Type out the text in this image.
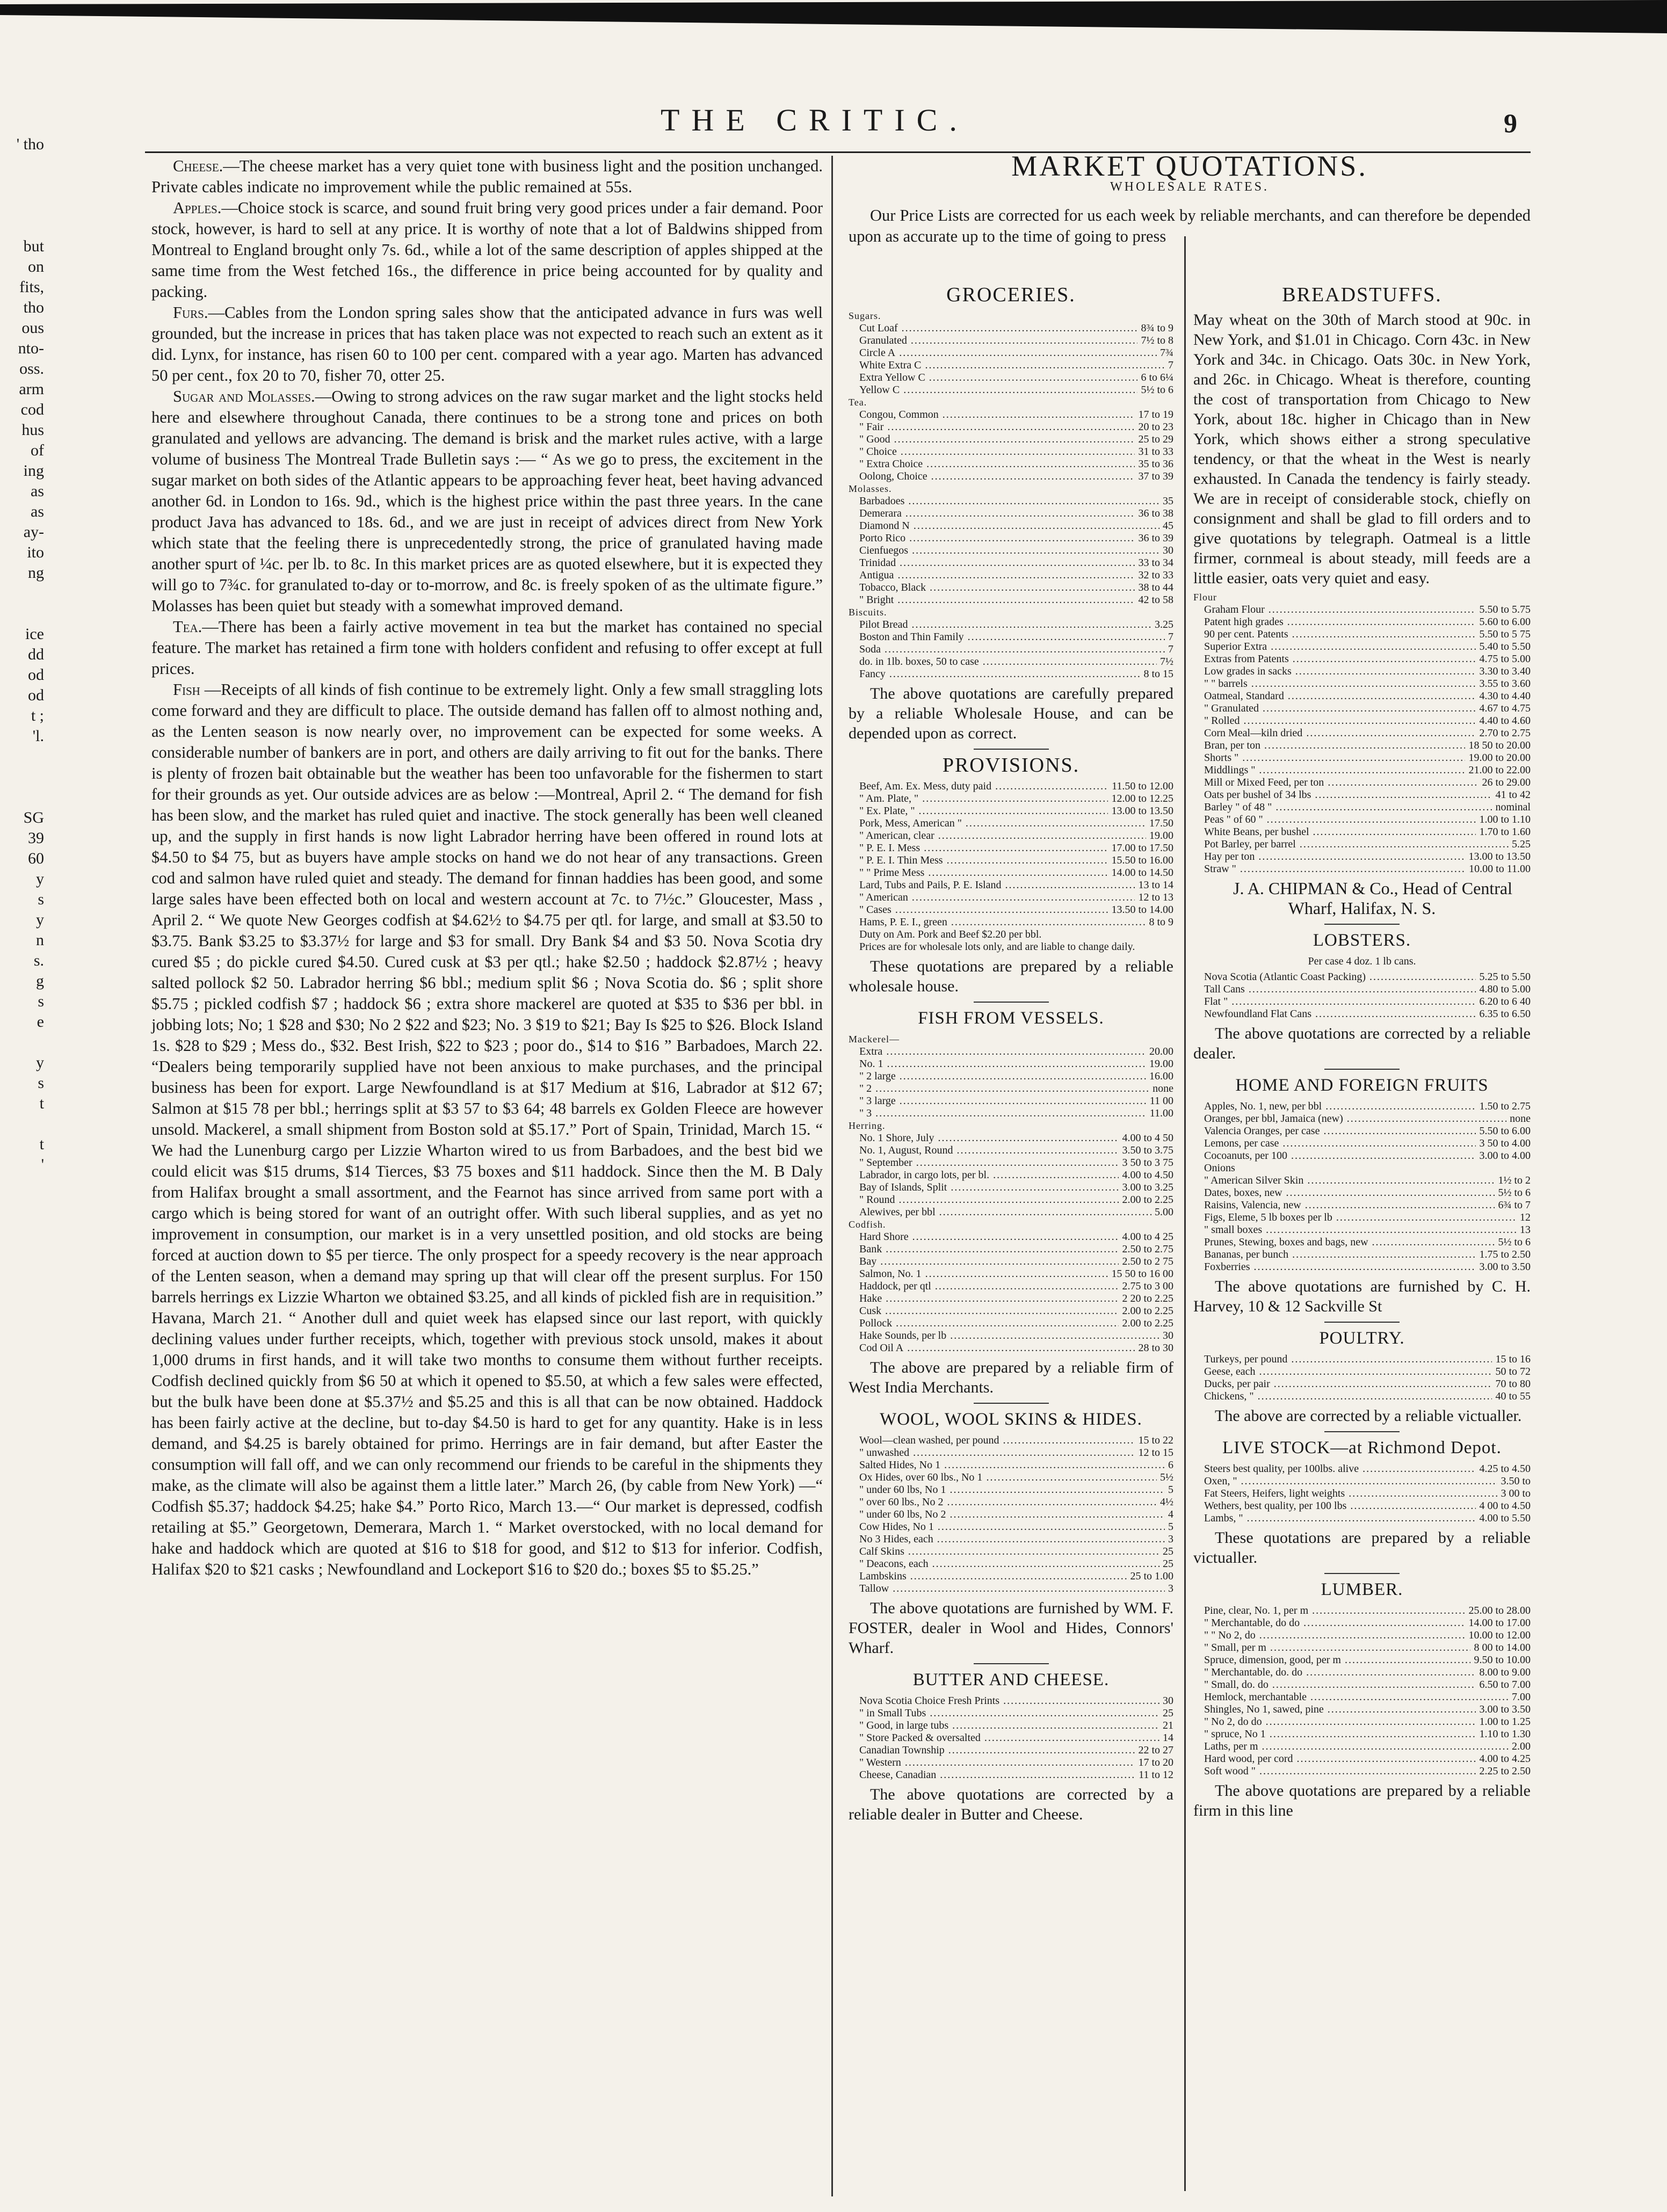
THE CRITIC.	9
' tho
but
on
fits,
tho
ous
nto-
oss.
arm
cod
hus
of
ing
as
as
ay-
ito
ng
ice
dd
od
od
t ;
'l.
SG
39
60
y
s
y
n
s.
g
s
e
y
s
t
t
'

Cheese.—The cheese market has a very quiet tone with business light and the position unchanged. Private cables indicate no improvement while the public remained at 55s.

Apples.—Choice stock is scarce, and sound fruit bring very good prices under a fair demand. Poor stock, however, is hard to sell at any price. It is worthy of note that a lot of Baldwins shipped from Montreal to England brought only 7s. 6d., while a lot of the same description of apples shipped at the same time from the West fetched 16s., the difference in price being accounted for by quality and packing.

Furs.—Cables from the London spring sales show that the anticipated advance in furs was well grounded, but the increase in prices that has taken place was not expected to reach such an extent as it did. Lynx, for instance, has risen 60 to 100 per cent. compared with a year ago. Marten has advanced 50 per cent., fox 20 to 70, fisher 70, otter 25.

Sugar and Molasses.—Owing to strong advices on the raw sugar market and the light stocks held here and elsewhere throughout Canada, there continues to be a strong tone and prices on both granulated and yellows are advancing. The demand is brisk and the market rules active, with a large volume of business The Montreal Trade Bulletin says :— “ As we go to press, the excitement in the sugar market on both sides of the Atlantic appears to be approaching fever heat, beet having advanced another 6d. in London to 16s. 9d., which is the highest price within the past three years. In the cane product Java has advanced to 18s. 6d., and we are just in receipt of advices direct from New York which state that the feeling there is unprecedentedly strong, the price of granulated having made another spurt of ¼c. per lb. to 8c. In this market prices are as quoted elsewhere, but it is expected they will go to 7¾c. for granulated to-day or to-morrow, and 8c. is freely spoken of as the ultimate figure.” Molasses has been quiet but steady with a somewhat improved demand.

Tea.—There has been a fairly active movement in tea but the market has contained no special feature. The market has retained a firm tone with holders confident and refusing to offer except at full prices.

Fish —Receipts of all kinds of fish continue to be extremely light. Only a few small straggling lots come forward and they are difficult to place. The outside demand has fallen off to almost nothing and, as the Lenten season is now nearly over, no improvement can be expected for some weeks. A considerable number of bankers are in port, and others are daily arriving to fit out for the banks. There is plenty of frozen bait obtainable but the weather has been too unfavorable for the fishermen to start for their grounds as yet. Our outside advices are as below :—Montreal, April 2. “ The demand for fish has been slow, and the market has ruled quiet and inactive. The stock generally has been well cleaned up, and the supply in first hands is now light Labrador herring have been offered in round lots at $4.50 to $4 75, but as buyers have ample stocks on hand we do not hear of any transactions. Green cod and salmon have ruled quiet and steady. The demand for finnan haddies has been good, and some large sales have been effected both on local and western account at 7c. to 7½c.” Gloucester, Mass , April 2. “ We quote New Georges codfish at $4.62½ to $4.75 per qtl. for large, and small at $3.50 to $3.75. Bank $3.25 to $3.37½ for large and $3 for small. Dry Bank $4 and $3 50. Nova Scotia dry cured $5 ; do pickle cured $4.50. Cured cusk at $3 per qtl.; hake $2.50 ; haddock $2.87½ ; heavy salted pollock $2 50. Labrador herring $6 bbl.; medium split $6 ; Nova Scotia do. $6 ; split shore $5.75 ; pickled codfish $7 ; haddock $6 ; extra shore mackerel are quoted at $35 to $36 per bbl. in jobbing lots; No; 1 $28 and $30; No 2 $22 and $23; No. 3 $19 to $21; Bay Is $25 to $26. Block Island 1s. $28 to $29 ; Mess do., $32. Best Irish, $22 to $23 ; poor do., $14 to $16 ” Barbadoes, March 22. “Dealers being temporarily supplied have not been anxious to make purchases, and the principal business has been for export. Large Newfoundland is at $17 Medium at $16, Labrador at $12 67; Salmon at $15 78 per bbl.; herrings split at $3 57 to $3 64; 48 barrels ex Golden Fleece are however unsold. Mackerel, a small shipment from Boston sold at $5.17.” Port of Spain, Trinidad, March 15. “ We had the Lunenburg cargo per Lizzie Wharton wired to us from Barbadoes, and the best bid we could elicit was $15 drums, $14 Tierces, $3 75 boxes and $11 haddock. Since then the M. B Daly from Halifax brought a small assortment, and the Fearnot has since arrived from same port with a cargo which is being stored for want of an outright offer. With such liberal supplies, and as yet no improvement in consumption, our market is in a very unsettled position, and old stocks are being forced at auction down to $5 per tierce. The only prospect for a speedy recovery is the near approach of the Lenten season, when a demand may spring up that will clear off the present surplus. For 150 barrels herrings ex Lizzie Wharton we obtained $3.25, and all kinds of pickled fish are in requisition.” Havana, March 21. “ Another dull and quiet week has elapsed since our last report, with quickly declining values under further receipts, which, together with previous stock unsold, makes it about 1,000 drums in first hands, and it will take two months to consume them without further receipts. Codfish declined quickly from $6 50 at which it opened to $5.50, at which a few sales were effected, but the bulk have been done at $5.37½ and $5.25 and this is all that can be now obtained. Haddock has been fairly active at the decline, but to-day $4.50 is hard to get for any quantity. Hake is in less demand, and $4.25 is barely obtained for primo. Herrings are in fair demand, but after Easter the consumption will fall off, and we can only recommend our friends to be careful in the shipments they make, as the climate will also be against them a little later.” March 26, (by cable from New York) —“ Codfish $5.37; haddock $4.25; hake $4.” Porto Rico, March 13.—“ Our market is depressed, codfish retailing at $5.” Georgetown, Demerara, March 1. “ Market overstocked, with no local demand for hake and haddock which are quoted at $16 to $18 for good, and $12 to $13 for inferior. Codfish, Halifax $20 to $21 casks ; Newfoundland and Lockeport $16 to $20 do.; boxes $5 to $5.25.”

MARKET QUOTATIONS.
WHOLESALE RATES.

Our Price Lists are corrected for us each week by reliable merchants, and can therefore be depended upon as accurate up to the time of going to press

GROCERIES.
Sugars.
Cut Loaf .....	8¾ to 9
Granulated .....	7½ to 8
Circle A .....	7¾
White Extra C .....	7
Extra Yellow C .....	6 to 6¼
Yellow C .....	5½ to 6
Tea.
Congou, Common .....	17 to 19
" Fair .....	20 to 23
" Good .....	25 to 29
" Choice .....	31 to 33
" Extra Choice .....	35 to 36
Oolong, Choice .....	37 to 39
Molasses.
Barbadoes .....	35
Demerara .....	36 to 38
Diamond N .....	45
Porto Rico .....	36 to 39
Cienfuegos .....	30
Trinidad .....	33 to 34
Antigua .....	32 to 33
Tobacco, Black .....	38 to 44
" Bright .....	42 to 58
Biscuits.
Pilot Bread .....	3.25
Boston and Thin Family .....	7
Soda .....	7
do. in 1lb. boxes, 50 to case .....	7½
Fancy .....	8 to 15
The above quotations are carefully prepared by a reliable Wholesale House, and can be depended upon as correct.
PROVISIONS.
Beef, Am. Ex. Mess, duty paid .....	11.50 to 12.00
" Am. Plate, " .....	12.00 to 12.25
" Ex. Plate, " .....	13.00 to 13.50
Pork, Mess, American " .....	17.50
" American, clear .....	19.00
" P. E. I. Mess .....	17.00 to 17.50
" P. E. I. Thin Mess .....	15.50 to 16.00
" " Prime Mess .....	14.00 to 14.50
Lard, Tubs and Pails, P. E. Island .....	13 to 14
" American .....	12 to 13
" Cases .....	13.50 to 14.00
Hams, P. E. I., green .....	8 to 9
Duty on Am. Pork and Beef $2.20 per bbl.
Prices are for wholesale lots only, and are liable to change daily.
These quotations are prepared by a reliable wholesale house.
FISH FROM VESSELS.
Mackerel—
Extra .....	20.00
No. 1 .....	19.00
" 2 large .....	16.00
" 2 .....	none
" 3 large .....	11 00
" 3 .....	11.00
Herring.
No. 1 Shore, July .....	4.00 to 4 50
No. 1, August, Round .....	3.50 to 3.75
" September .....	3 50 to 3 75
Labrador, in cargo lots, per bl. .....	4.00 to 4.50
Bay of Islands, Split .....	3.00 to 3.25
" Round .....	2.00 to 2.25
Alewives, per bbl .....	5.00
Codfish.
Hard Shore .....	4.00 to 4 25
Bank .....	2.50 to 2.75
Bay .....	2.50 to 2 75
Salmon, No. 1 .....	15 50 to 16 00
Haddock, per qtl .....	2.75 to 3 00
Hake .....	2 20 to 2.25
Cusk .....	2.00 to 2.25
Pollock .....	2.00 to 2.25
Hake Sounds, per lb .....	30
Cod Oil A .....	28 to 30
The above are prepared by a reliable firm of West India Merchants.
WOOL, WOOL SKINS & HIDES.
Wool—clean washed, per pound .....	15 to 22
" unwashed .....	12 to 15
Salted Hides, No 1 .....	6
Ox Hides, over 60 lbs., No 1 .....	5½
" under 60 lbs, No 1 .....	5
" over 60 lbs., No 2 .....	4½
" under 60 lbs, No 2 .....	4
Cow Hides, No 1 .....	5
No 3 Hides, each .....	3
Calf Skins .....	25
" Deacons, each .....	25
Lambskins .....	25 to 1.00
Tallow .....	3
The above quotations are furnished by WM. F. FOSTER, dealer in Wool and Hides, Connors' Wharf.
BUTTER AND CHEESE.
Nova Scotia Choice Fresh Prints .....	30
" in Small Tubs .....	25
" Good, in large tubs .....	21
" Store Packed & oversalted .....	14
Canadian Township .....	22 to 27
" Western .....	17 to 20
Cheese, Canadian .....	11 to 12
The above quotations are corrected by a reliable dealer in Butter and Cheese.
BREADSTUFFS.
May wheat on the 30th of March stood at 90c. in New York, and $1.01 in Chicago. Corn 43c. in New York and 34c. in Chicago. Oats 30c. in New York, and 26c. in Chicago. Wheat is therefore, counting the cost of transportation from Chicago to New York, about 18c. higher in Chicago than in New York, which shows either a strong speculative tendency, or that the wheat in the West is nearly exhausted. In Canada the tendency is fairly steady. We are in receipt of considerable stock, chiefly on consignment and shall be glad to fill orders and to give quotations by telegraph. Oatmeal is a little firmer, cornmeal is about steady, mill feeds are a little easier, oats very quiet and easy.
Flour
Graham Flour .....	5.50 to 5.75
Patent high grades .....	5.60 to 6.00
90 per cent. Patents .....	5.50 to 5 75
Superior Extra .....	5.40 to 5.50
Extras from Patents .....	4.75 to 5.00
Low grades in sacks .....	3.30 to 3.40
" " barrels .....	3.55 to 3.60
Oatmeal, Standard .....	4.30 to 4.40
" Granulated .....	4.67 to 4.75
" Rolled .....	4.40 to 4.60
Corn Meal—kiln dried .....	2.70 to 2.75
Bran, per ton .....	18 50 to 20.00
Shorts " .....	19.00 to 20.00
Middlings " .....	21.00 to 22.00
Mill or Mixed Feed, per ton .....	26 to 29.00
Oats per bushel of 34 lbs .....	41 to 42
Barley " of 48 " .....	nominal
Peas " of 60 " .....	1.00 to 1.10
White Beans, per bushel .....	1.70 to 1.60
Pot Barley, per barrel .....	5.25
Hay per ton .....	13.00 to 13.50
Straw " .....	10.00 to 11.00
J. A. CHIPMAN & Co., Head of Central Wharf, Halifax, N. S.
LOBSTERS.
Per case 4 doz. 1 lb cans.
Nova Scotia (Atlantic Coast Packing) .....	5.25 to 5.50
Tall Cans .....	4.80 to 5.00
Flat " .....	6.20 to 6 40
Newfoundland Flat Cans .....	6.35 to 6.50
The above quotations are corrected by a reliable dealer.
HOME AND FOREIGN FRUITS
Apples, No. 1, new, per bbl .....	1.50 to 2.75
Oranges, per bbl, Jamaica (new) .....	none
Valencia Oranges, per case .....	5.50 to 6.00
Lemons, per case .....	3 50 to 4.00
Cocoanuts, per 100 .....	3.00 to 4.00
Onions
" American Silver Skin .....	1½ to 2
Dates, boxes, new .....	5½ to 6
Raisins, Valencia, new .....	6¾ to 7
Figs, Eleme, 5 lb boxes per lb .....	12
" small boxes .....	13
Prunes, Stewing, boxes and bags, new .....	5½ to 6
Bananas, per bunch .....	1.75 to 2.50
Foxberries .....	3.00 to 3.50
The above quotations are furnished by C. H. Harvey, 10 & 12 Sackville St
POULTRY.
Turkeys, per pound .....	15 to 16
Geese, each .....	50 to 72
Ducks, per pair .....	70 to 80
Chickens, " .....	40 to 55
The above are corrected by a reliable victualler.
LIVE STOCK—at Richmond Depot.
Steers best quality, per 100lbs. alive .....	4.25 to 4.50
Oxen, " .....	3.50 to
Fat Steers, Heifers, light weights .....	3 00 to
Wethers, best quality, per 100 lbs .....	4 00 to 4.50
Lambs, " .....	4.00 to 5.50
These quotations are prepared by a reliable victualler.
LUMBER.
Pine, clear, No. 1, per m .....	25.00 to 28.00
" Merchantable, do do .....	14.00 to 17.00
" " No 2, do .....	10.00 to 12.00
" Small, per m .....	8 00 to 14.00
Spruce, dimension, good, per m .....	9.50 to 10.00
" Merchantable, do. do .....	8.00 to 9.00
" Small, do. do .....	6.50 to 7.00
Hemlock, merchantable .....	7.00
Shingles, No 1, sawed, pine .....	3.00 to 3.50
" No 2, do do .....	1.00 to 1.25
" spruce, No 1 .....	1.10 to 1.30
Laths, per m .....	2.00
Hard wood, per cord .....	4.00 to 4.25
Soft wood " .....	2.25 to 2.50
The above quotations are prepared by a reliable firm in this line
